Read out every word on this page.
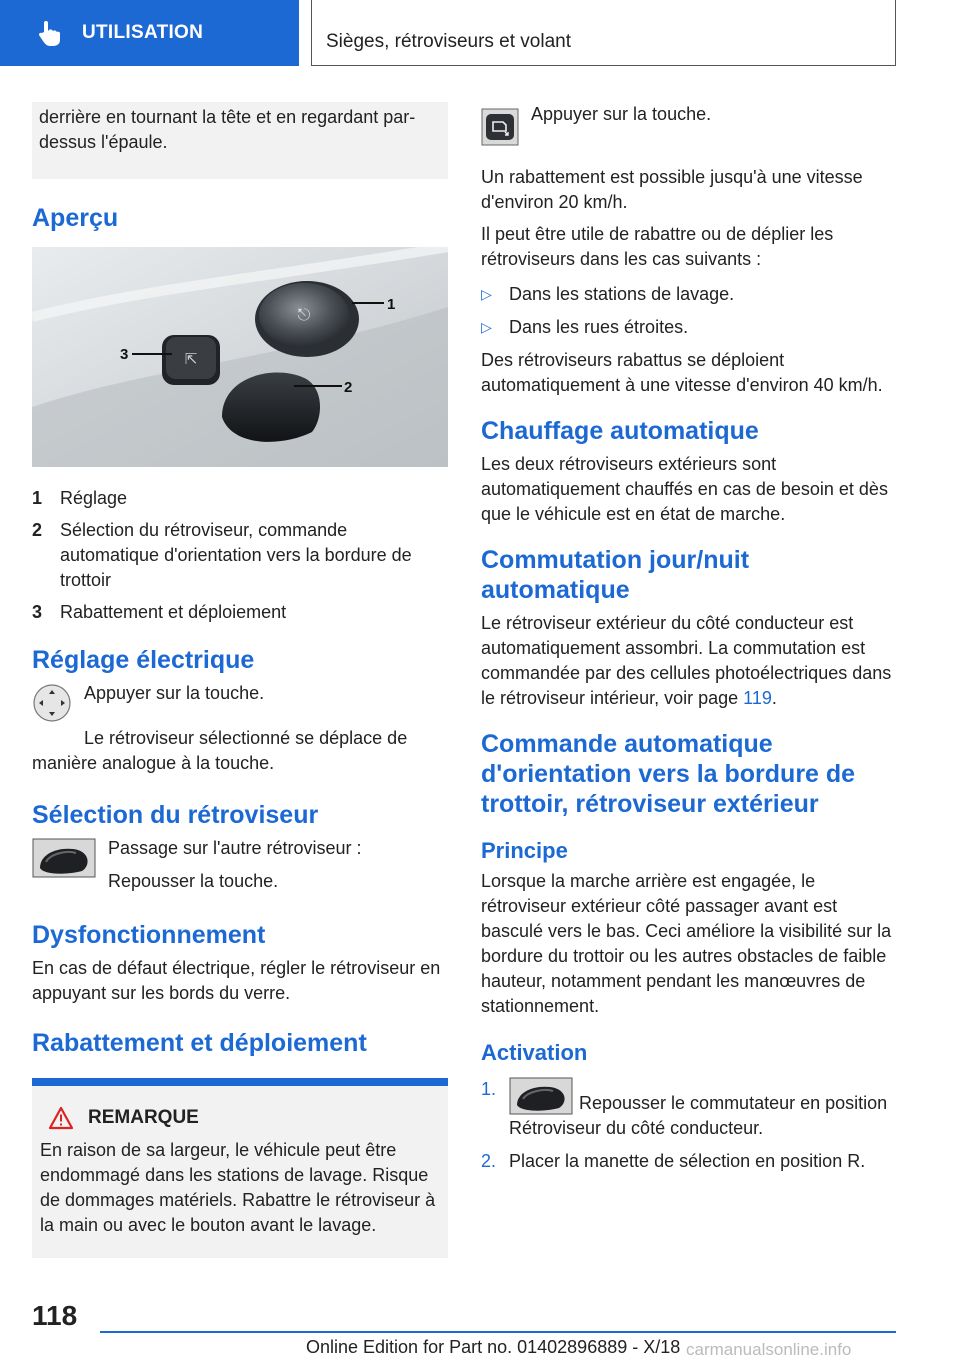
UTILISATION	Sièges, rétroviseurs et volant
derrière en tournant la tête et en regardant par-dessus l'épaule.
Aperçu
⎋
⇱
1
2
3
1 Réglage
2 Sélection du rétroviseur, commande automatique d'orientation vers la bordure de trottoir
3 Rabattement et déploiement
Réglage électrique
Appuyer sur la touche.

Le rétroviseur sélectionné se déplace de manière analogue à la touche.

Sélection du rétroviseur
Passage sur l'autre rétroviseur :
Repousser la touche.
Dysfonctionnement

En cas de défaut électrique, régler le rétroviseur en appuyant sur les bords du verre.

Rabattement et déploiement
REMARQUE

En raison de sa largeur, le véhicule peut être endommagé dans les stations de lavage. Risque de dommages matériels. Rabattre le rétroviseur à la main ou avec le bouton avant le lavage.

Appuyer sur la touche.

Un rabattement est possible jusqu'à une vitesse d'environ 20 km/h.

Il peut être utile de rabattre ou de déplier les rétroviseurs dans les cas suivants :

▷ Dans les stations de lavage.
▷ Dans les rues étroites.

Des rétroviseurs rabattus se déploient automatiquement à une vitesse d'environ 40 km/h.

Chauffage automatique

Les deux rétroviseurs extérieurs sont automatiquement chauffés en cas de besoin et dès que le véhicule est en état de marche.

Commutation jour/nuit automatique

Le rétroviseur extérieur du côté conducteur est automatiquement assombri. La commutation est commandée par des cellules photoélectriques dans le rétroviseur intérieur, voir page 119.

Commande automatique d'orientation vers la bordure de trottoir, rétroviseur extérieur
Principe

Lorsque la marche arrière est engagée, le rétroviseur extérieur côté passager avant est basculé vers le bas. Ceci améliore la visibilité sur la bordure du trottoir ou les autres obstacles de faible hauteur, notamment pendant les manœuvres de stationnement.

Activation
1.
Repousser le commutateur en position Rétroviseur du côté conducteur.
2. Placer la manette de sélection en position R.
118
Online Edition for Part no. 01402896889 - X/18 carmanualsonline.info
